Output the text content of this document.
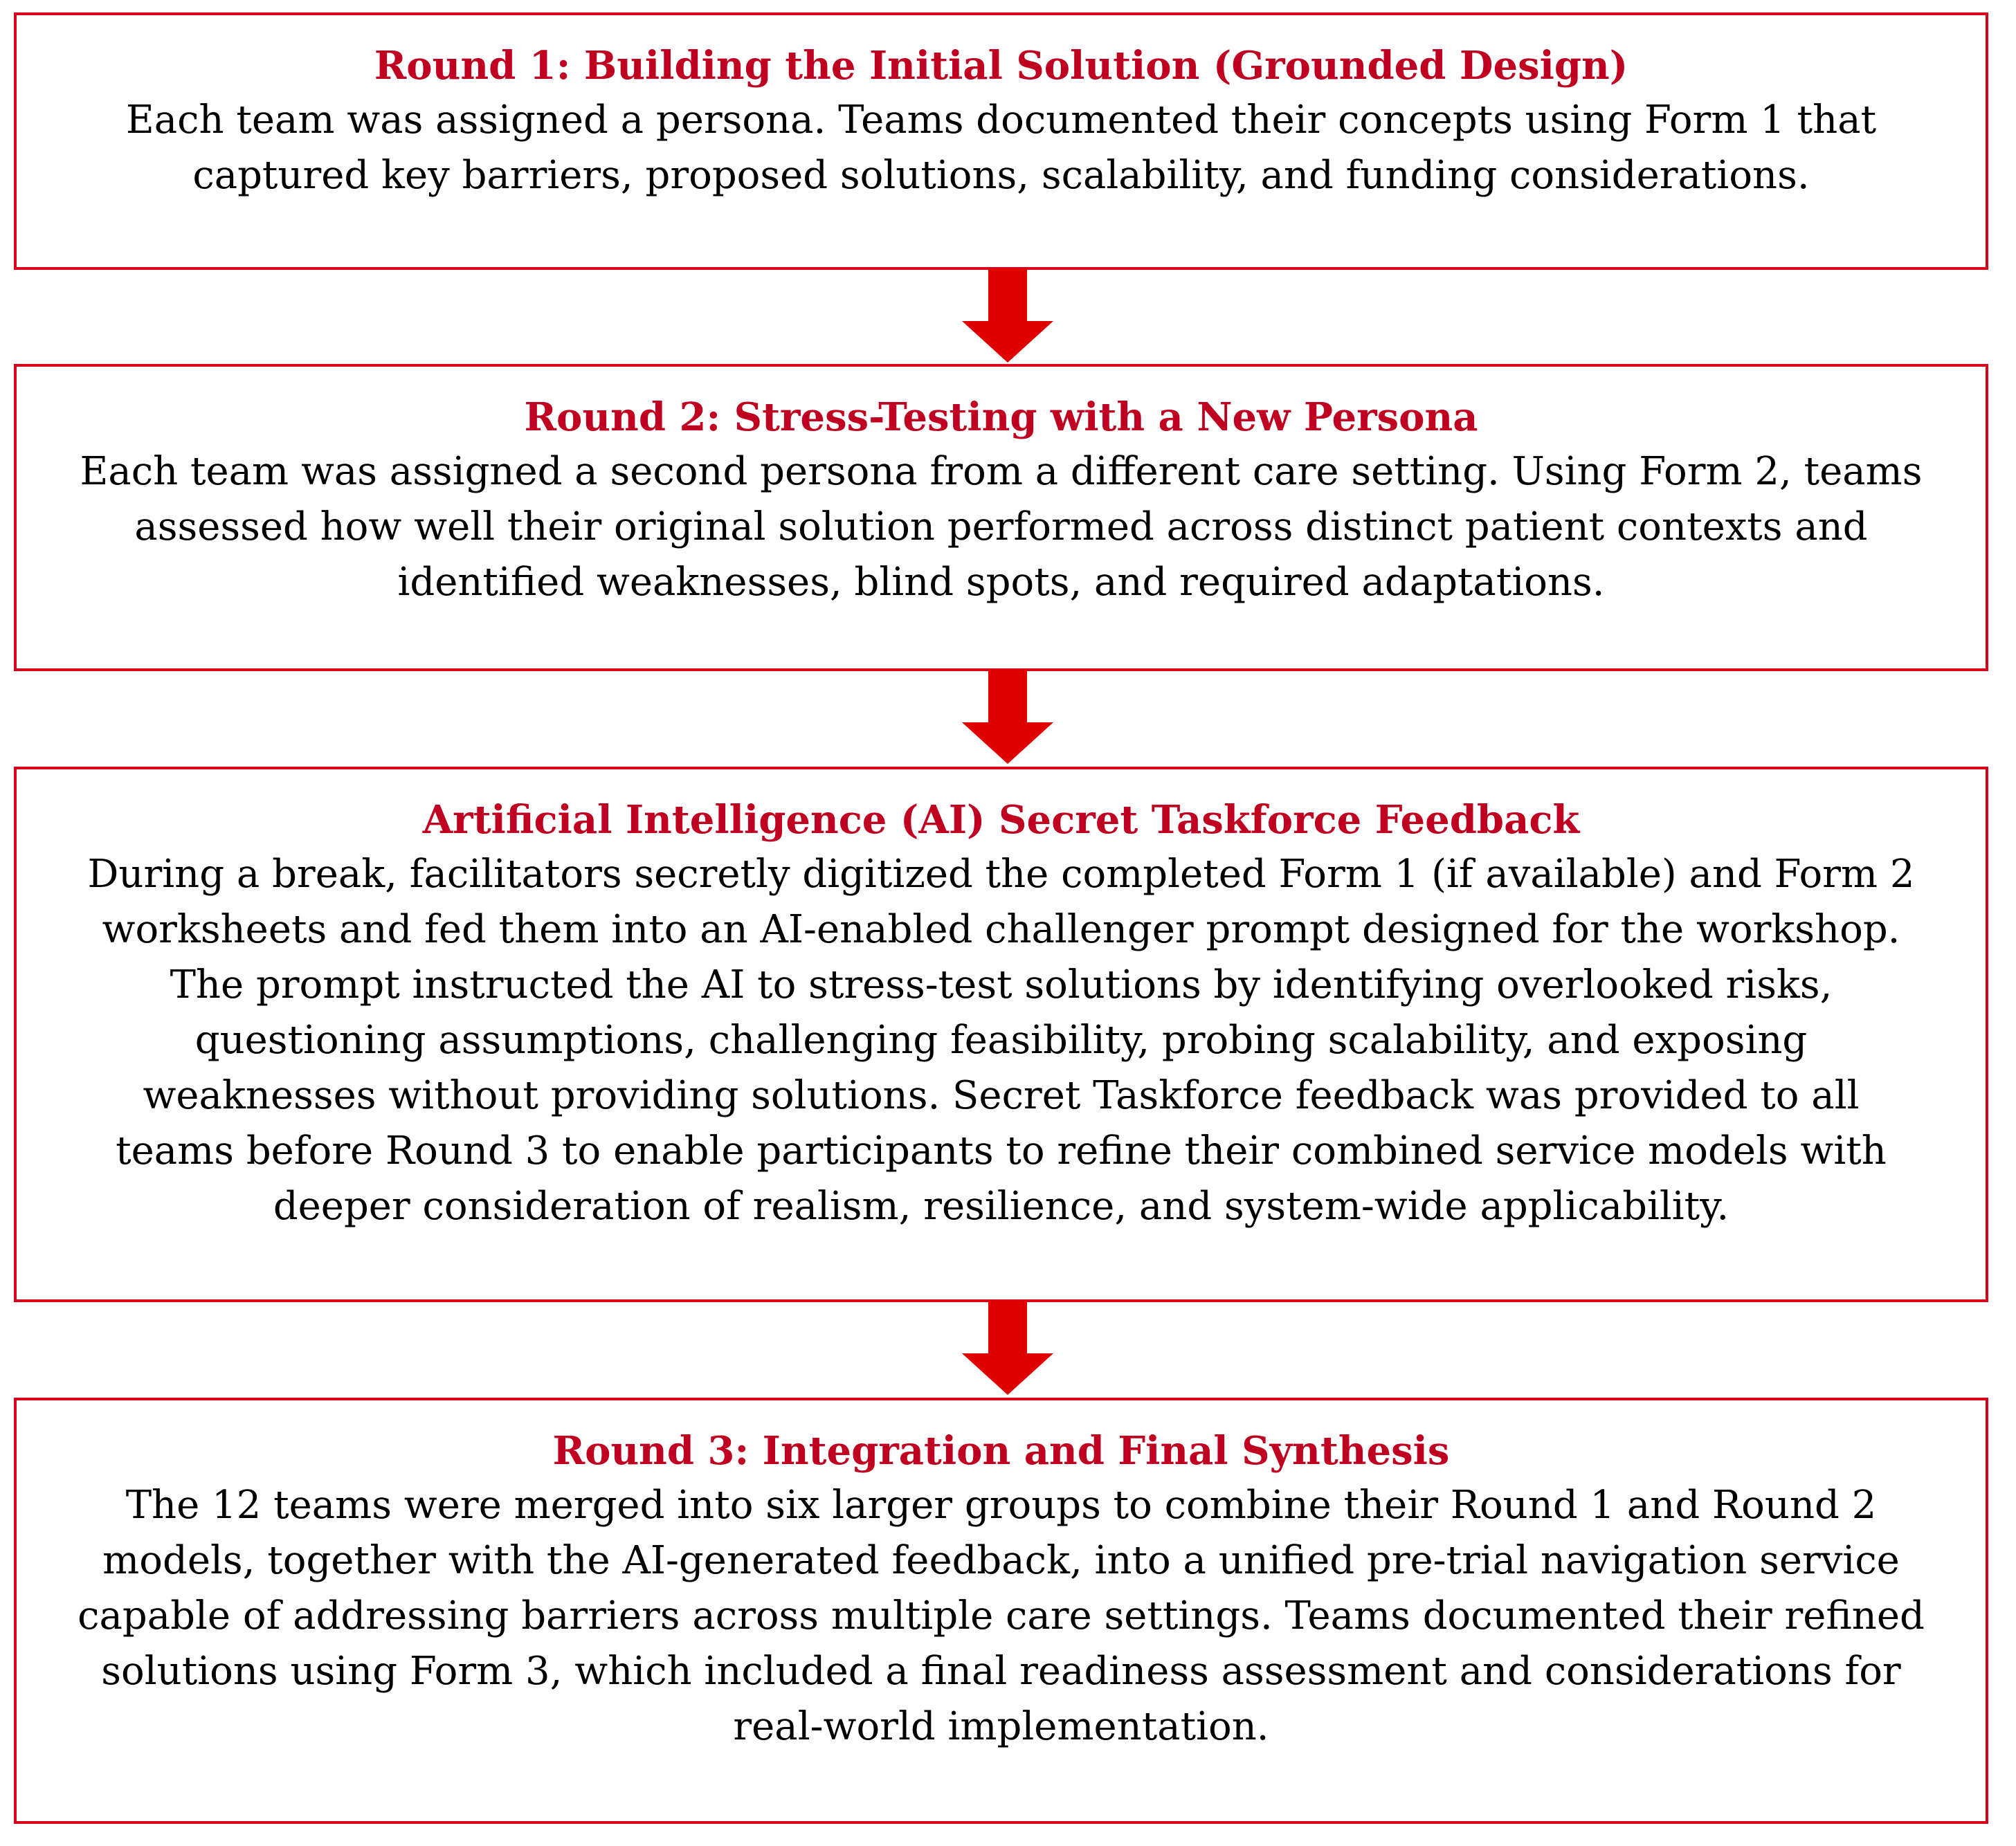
Round 1: Building the Initial Solution (Grounded Design)

Each team was assigned a persona. Teams documented their concepts using Form 1 that
captured key barriers, proposed solutions, scalability, and funding considerations.

Round 2: Stress-Testing with a New Persona

Each team was assigned a second persona from a different care setting. Using Form 2, teams
assessed how well their original solution performed across distinct patient contexts and
identified weaknesses, blind spots, and required adaptations.

Artificial Intelligence (AI) Secret Taskforce Feedback

During a break, facilitators secretly digitized the completed Form 1 (if available) and Form 2
worksheets and fed them into an AI-enabled challenger prompt designed for the workshop.
The prompt instructed the AI to stress-test solutions by identifying overlooked risks,
questioning assumptions, challenging feasibility, probing scalability, and exposing
weaknesses without providing solutions. Secret Taskforce feedback was provided to all
teams before Round 3 to enable participants to refine their combined service models with
deeper consideration of realism, resilience, and system-wide applicability.

Round 3: Integration and Final Synthesis

The 12 teams were merged into six larger groups to combine their Round 1 and Round 2
models, together with the AI-generated feedback, into a unified pre-trial navigation service
capable of addressing barriers across multiple care settings. Teams documented their refined
solutions using Form 3, which included a final readiness assessment and considerations for
real-world implementation.
